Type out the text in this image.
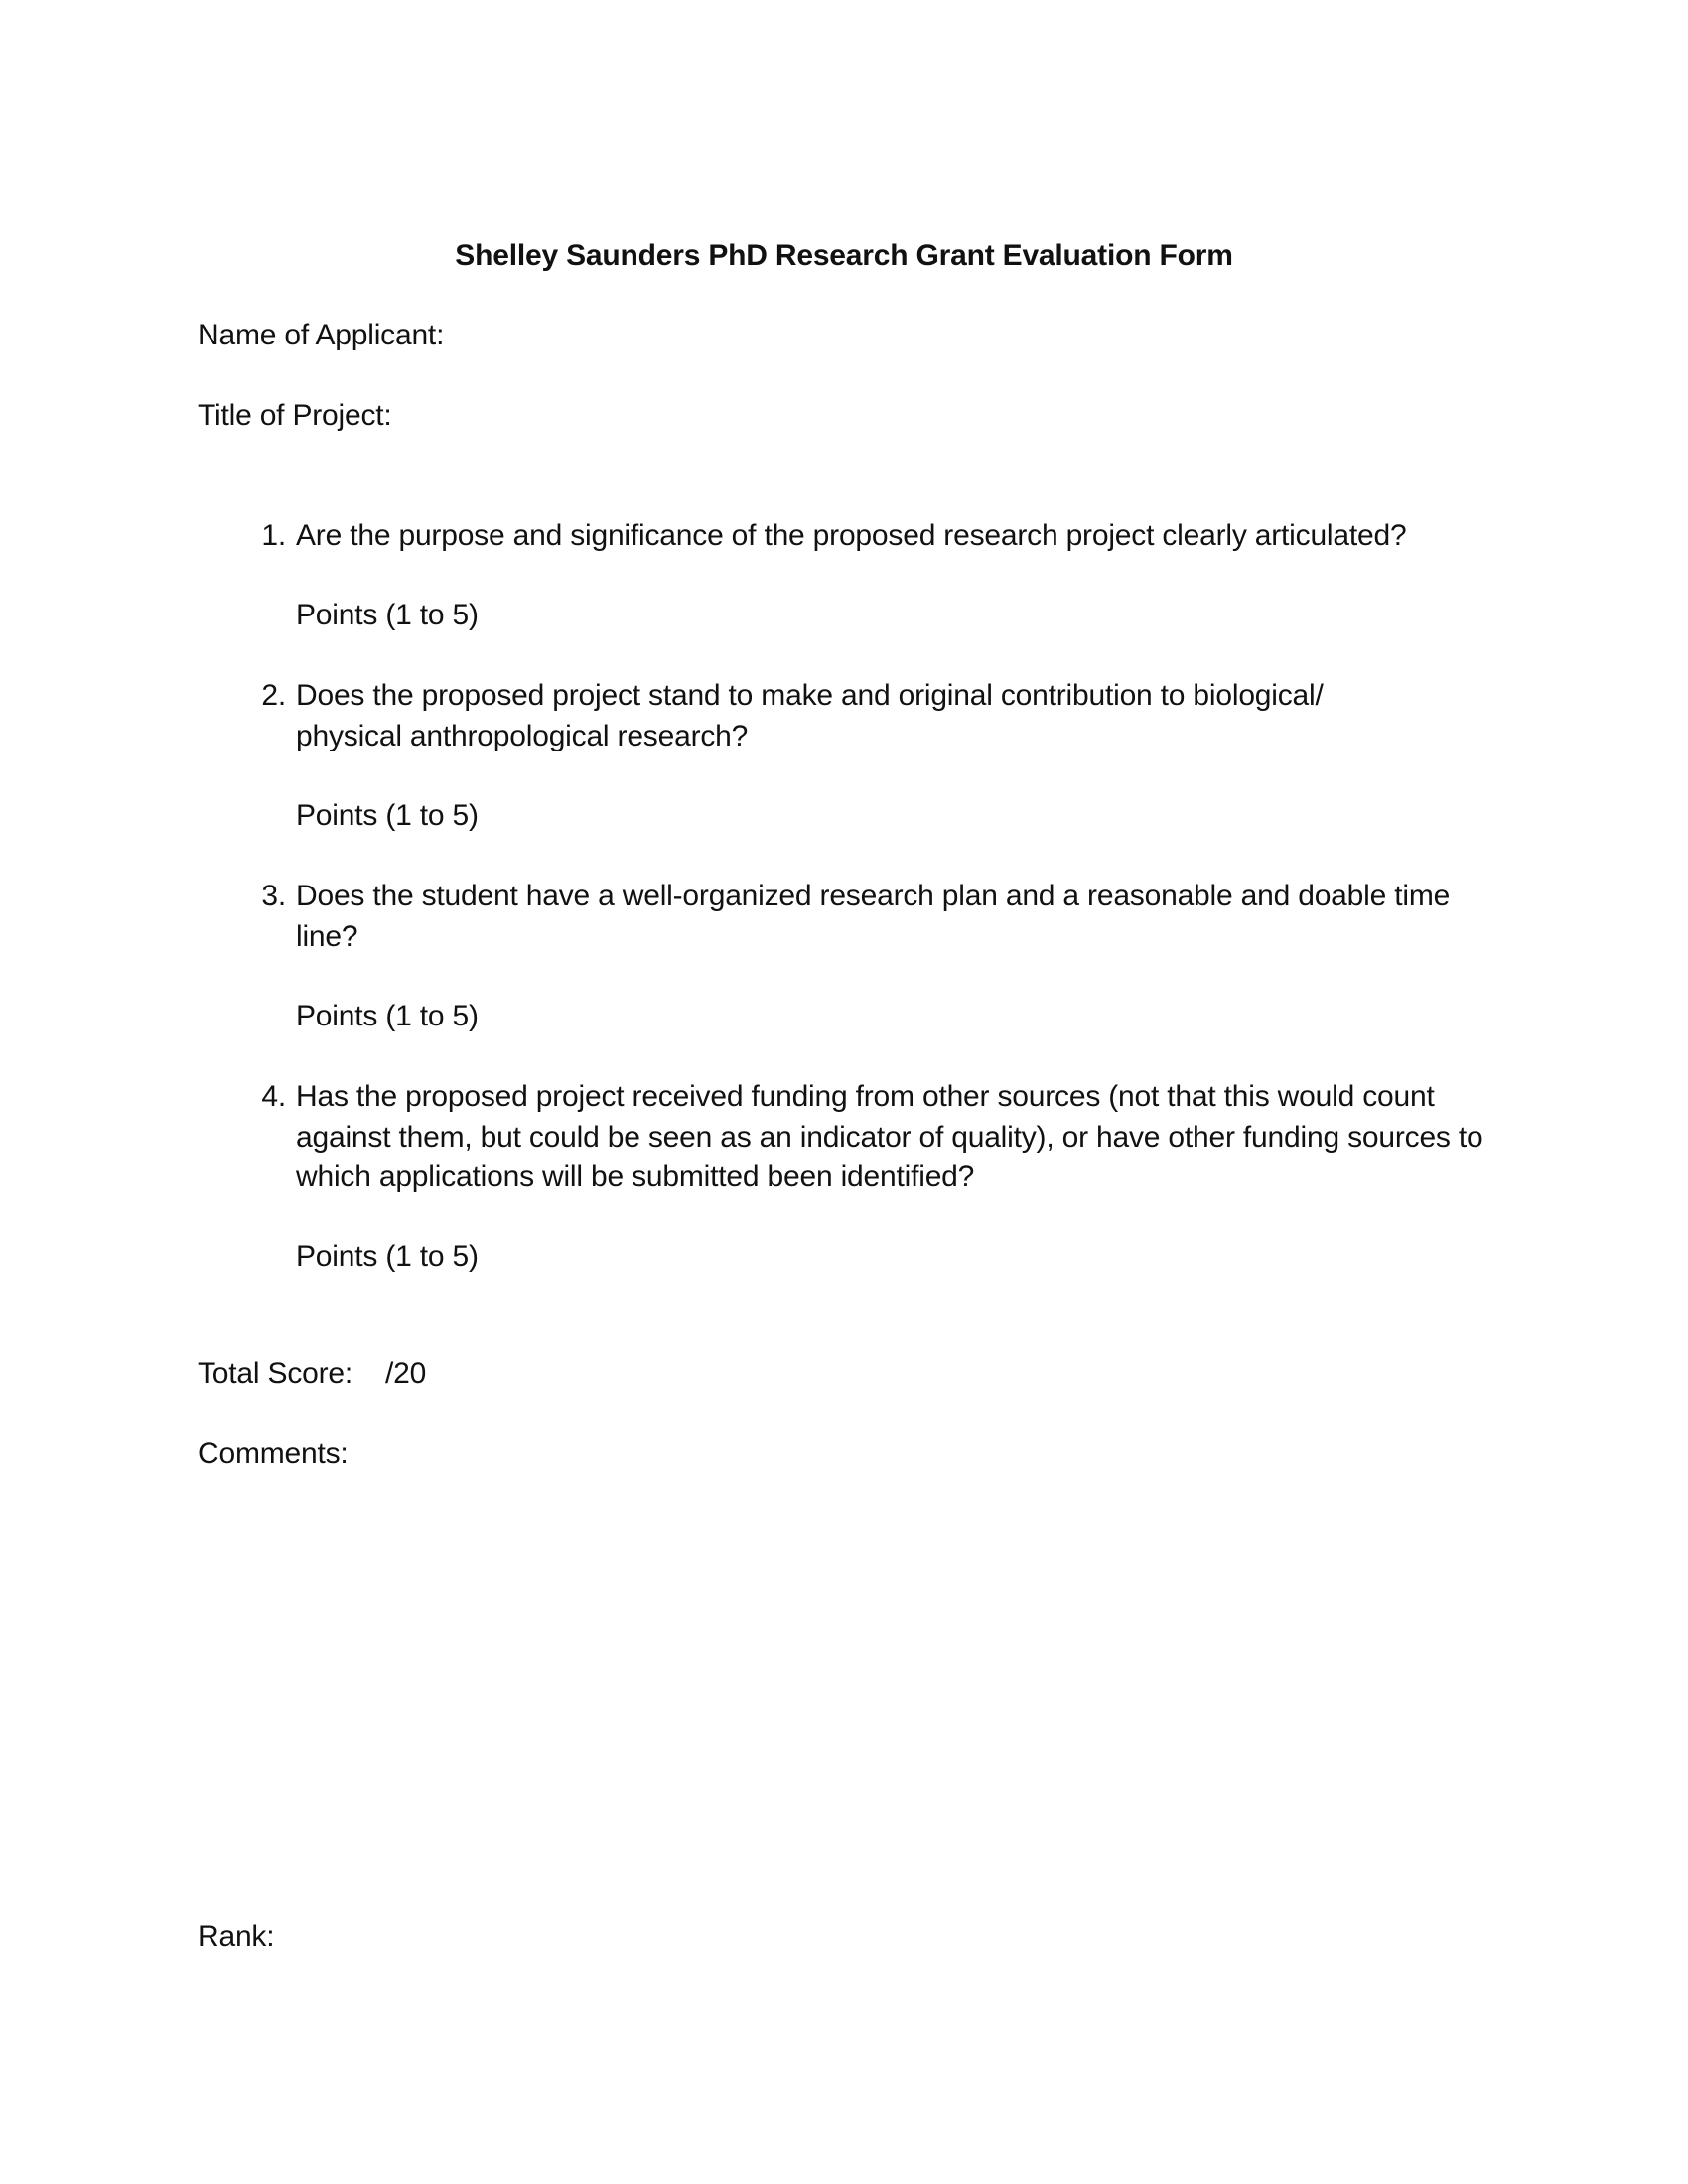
Shelley Saunders PhD Research Grant Evaluation Form
Name of Applicant:
Title of Project:
1. Are the purpose and significance of the proposed research project clearly articulated?
Points (1 to 5)
2. Does the proposed project stand to make and original contribution to biological/ physical anthropological research?
Points (1 to 5)
3. Does the student have a well-organized research plan and a reasonable and doable time line?
Points (1 to 5)
4. Has the proposed project received funding from other sources (not that this would count against them, but could be seen as an indicator of quality), or have other funding sources to which applications will be submitted been identified?
Points (1 to 5)
Total Score: /20
Comments:
Rank:
